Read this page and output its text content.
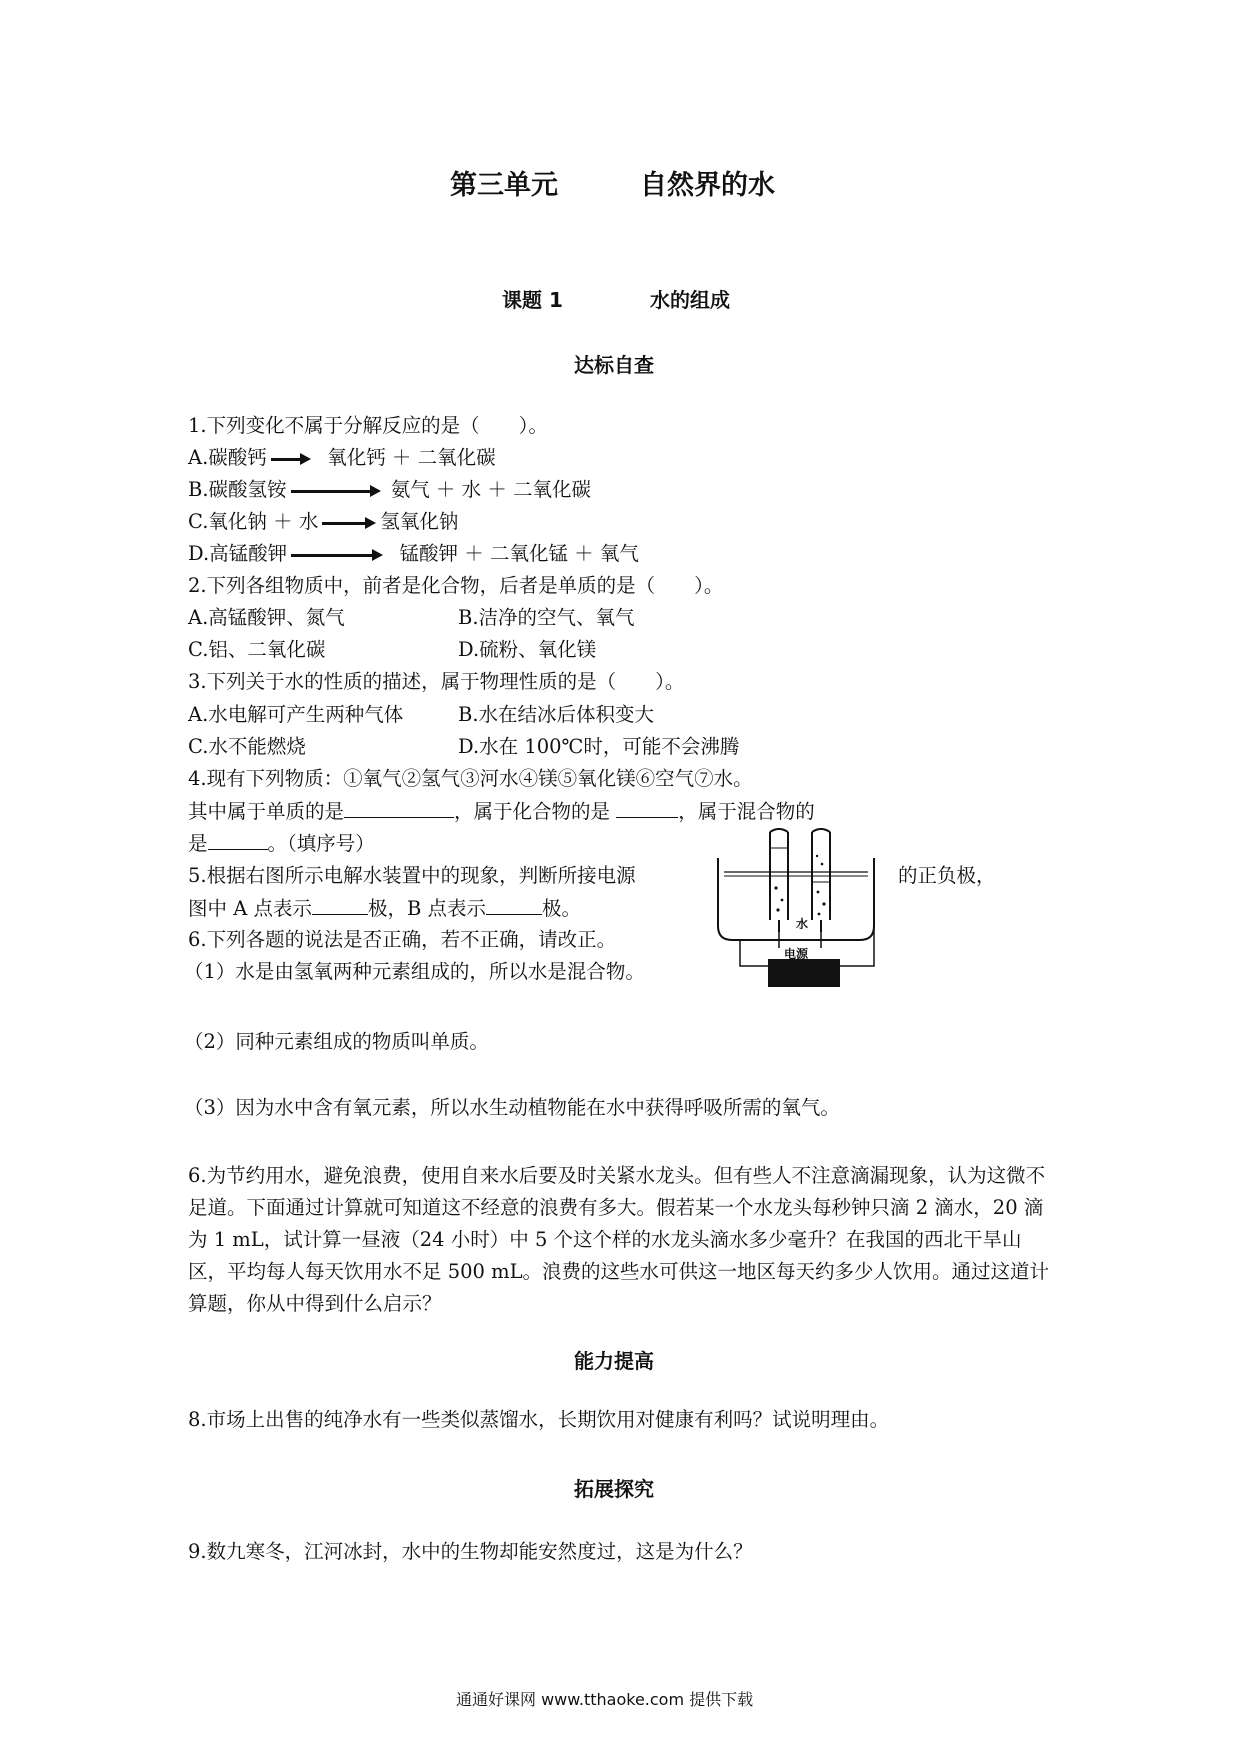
第三单元	自然界的水
课题 1	水的组成
达标自查
1.下列变化不属于分解反应的是（　　）。
A.碳酸钙	氧化钙 ＋ 二氧化碳
B.碳酸氢铵	氨气 ＋ 水 ＋ 二氧化碳
C.氧化钠 ＋ 水	氢氧化钠
D.高锰酸钾	锰酸钾 ＋ 二氧化锰 ＋ 氧气
2.下列各组物质中，前者是化合物，后者是单质的是（　　）。
A.高锰酸钾、氮气	B.洁净的空气、氧气
C.铝、二氧化碳	D.硫粉、氧化镁
3.下列关于水的性质的描述，属于物理性质的是（　　）。
A.水电解可产生两种气体	B.水在结冰后体积变大
C.水不能燃烧	D.水在 100℃时，可能不会沸腾
4.现有下列物质：①氧气②氢气③河水④镁⑤氧化镁⑥空气⑦水。
其中属于单质的是	，属于化合物的是	，属于混合物的
是	。（填序号）
5.根据右图所示电解水装置中的现象，判断所接电源	的正负极，
图中 A 点表示	极，B 点表示	极。
水
电源
6.下列各题的说法是否正确，若不正确，请改正。
（1）水是由氢氧两种元素组成的，所以水是混合物。
（2）同种元素组成的物质叫单质。
（3）因为水中含有氧元素，所以水生动植物能在水中获得呼吸所需的氧气。
6.为节约用水，避免浪费，使用自来水后要及时关紧水龙头。但有些人不注意滴漏现象，认为这微不足道。下面通过计算就可知道这不经意的浪费有多大。假若某一个水龙头每秒钟只滴 2 滴水，20 滴为 1 mL，试计算一昼液（24 小时）中 5 个这个样的水龙头滴水多少毫升？在我国的西北干旱山区，平均每人每天饮用水不足 500 mL。浪费的这些水可供这一地区每天约多少人饮用。通过这道计算题，你从中得到什么启示？
能力提高
8.市场上出售的纯净水有一些类似蒸馏水，长期饮用对健康有利吗？试说明理由。
拓展探究
9.数九寒冬，江河冰封，水中的生物却能安然度过，这是为什么？
通通好课网 www.tthaoke.com 提供下载
